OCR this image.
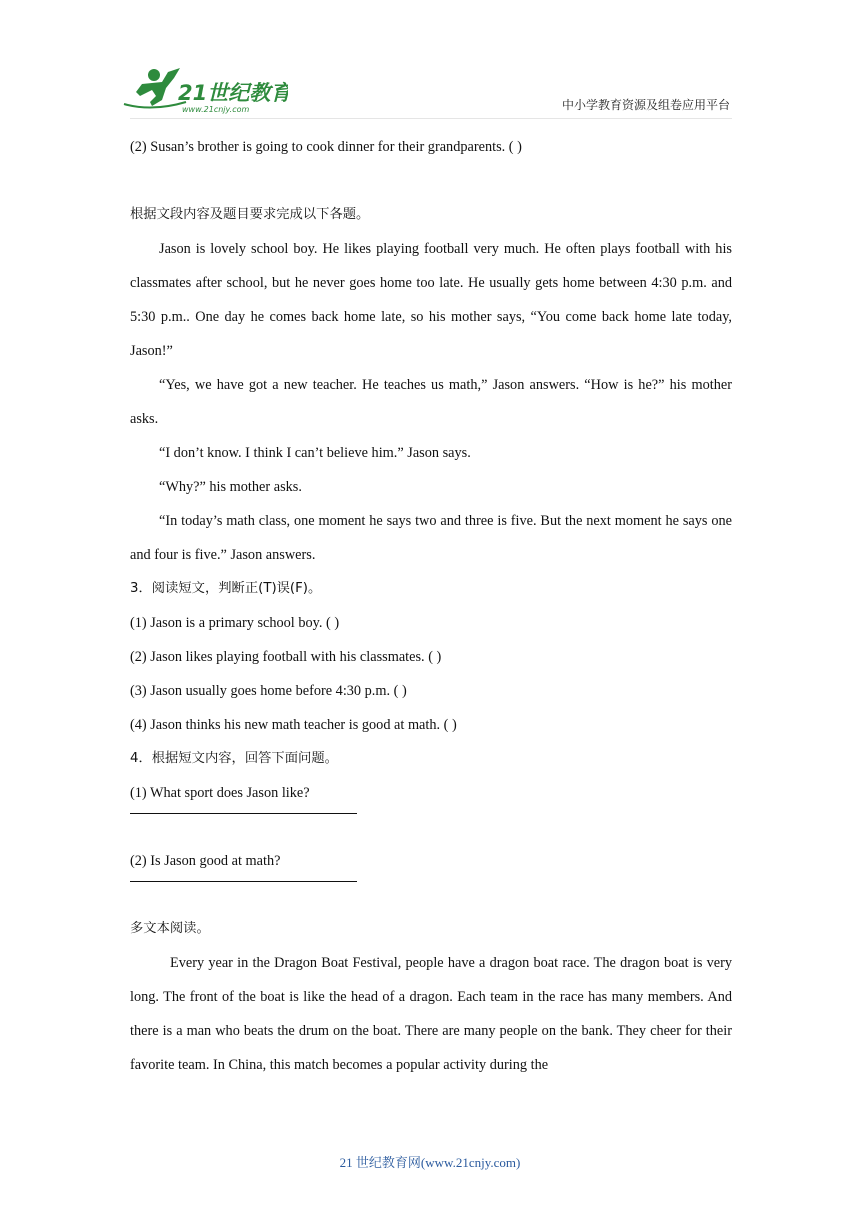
21世纪教育
www.21cnjy.com	中小学教育资源及组卷应用平台

(2) Susan’s brother is going to cook dinner for their grandparents. ( )

根据文段内容及题目要求完成以下各题。

Jason is lovely school boy. He likes playing football very much. He often plays football with his classmates after school, but he never goes home too late. He usually gets home between 4:30 p.m. and 5:30 p.m.. One day he comes back home late, so his mother says, “You come back home late today, Jason!”

“Yes, we have got a new teacher. He teaches us math,” Jason answers. “How is he?” his mother asks.

“I don’t know. I think I can’t believe him.” Jason says.

“Why?” his mother asks.

“In today’s math class, one moment he says two and three is five. But the next moment he says one and four is five.” Jason answers.

3．阅读短文，判断正(T)误(F)。

(1) Jason is a primary school boy. ( )

(2) Jason likes playing football with his classmates. ( )

(3) Jason usually goes home before 4:30 p.m. ( )

(4) Jason thinks his new math teacher is good at math. ( )

4．根据短文内容，回答下面问题。

(1) What sport does Jason like?

(2) Is Jason good at math?

多文本阅读。

Every year in the Dragon Boat Festival, people have a dragon boat race. The dragon boat is very long. The front of the boat is like the head of a dragon. Each team in the race has many members. And there is a man who beats the drum on the boat. There are many people on the bank. They cheer for their favorite team. In China, this match becomes a popular activity during the

21 世纪教育网(www.21cnjy.com)
